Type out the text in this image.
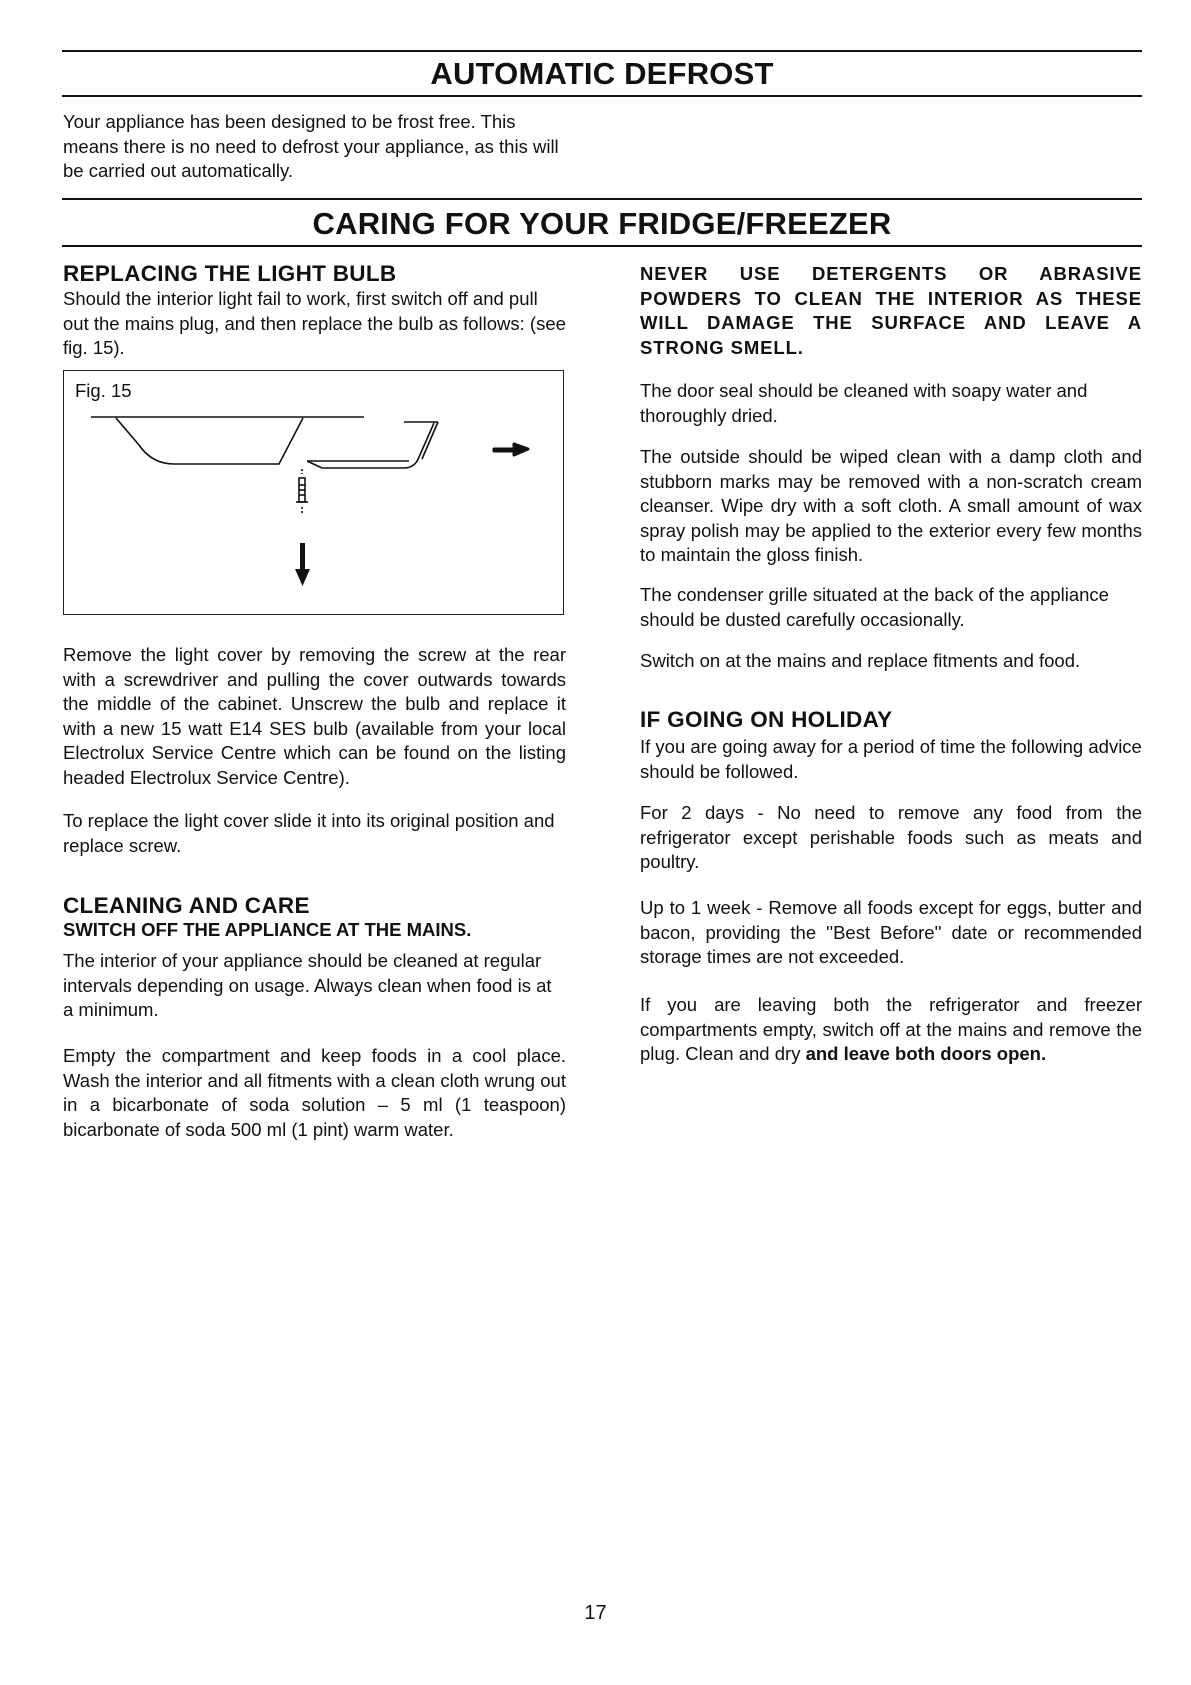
AUTOMATIC DEFROST

Your appliance has been designed to be frost free. This means there is no need to defrost your appliance, as this will be carried out automatically.

CARING FOR YOUR FRIDGE/FREEZER
REPLACING THE LIGHT BULB

Should the interior light fail to work, first switch off and pull out the mains plug, and then replace the bulb as follows: (see fig. 15).

Fig. 15

Remove the light cover by removing the screw at the rear with a screwdriver and pulling the cover outwards towards the middle of the cabinet. Unscrew the bulb and replace it with a new 15 watt E14 SES bulb (available from your local Electrolux Service Centre which can be found on the listing headed Electrolux Service Centre).

To replace the light cover slide it into its original position and replace screw.

CLEANING AND CARE
SWITCH OFF THE APPLIANCE AT THE MAINS.

The interior of your appliance should be cleaned at regular intervals depending on usage. Always clean when food is at a minimum.

Empty the compartment and keep foods in a cool place. Wash the interior and all fitments with a clean cloth wrung out in a bicarbonate of soda solution – 5 ml (1 teaspoon) bicarbonate of soda 500 ml (1 pint) warm water.

NEVER USE DETERGENTS OR ABRASIVE POWDERS TO CLEAN THE INTERIOR AS THESE WILL DAMAGE THE SURFACE AND LEAVE A STRONG SMELL.

The door seal should be cleaned with soapy water and thoroughly dried.

The outside should be wiped clean with a damp cloth and stubborn marks may be removed with a non-scratch cream cleanser. Wipe dry with a soft cloth. A small amount of wax spray polish may be applied to the exterior every few months to maintain the gloss finish.

The condenser grille situated at the back of the appliance should be dusted carefully occasionally.

Switch on at the mains and replace fitments and food.

IF GOING ON HOLIDAY

If you are going away for a period of time the following advice should be followed.

For 2 days - No need to remove any food from the refrigerator except perishable foods such as meats and poultry.

Up to 1 week - Remove all foods except for eggs, butter and bacon, providing the ''Best Before'' date or recommended storage times are not exceeded.

If you are leaving both the refrigerator and freezer compartments empty, switch off at the mains and remove the plug. Clean and dry and leave both doors open.

17
